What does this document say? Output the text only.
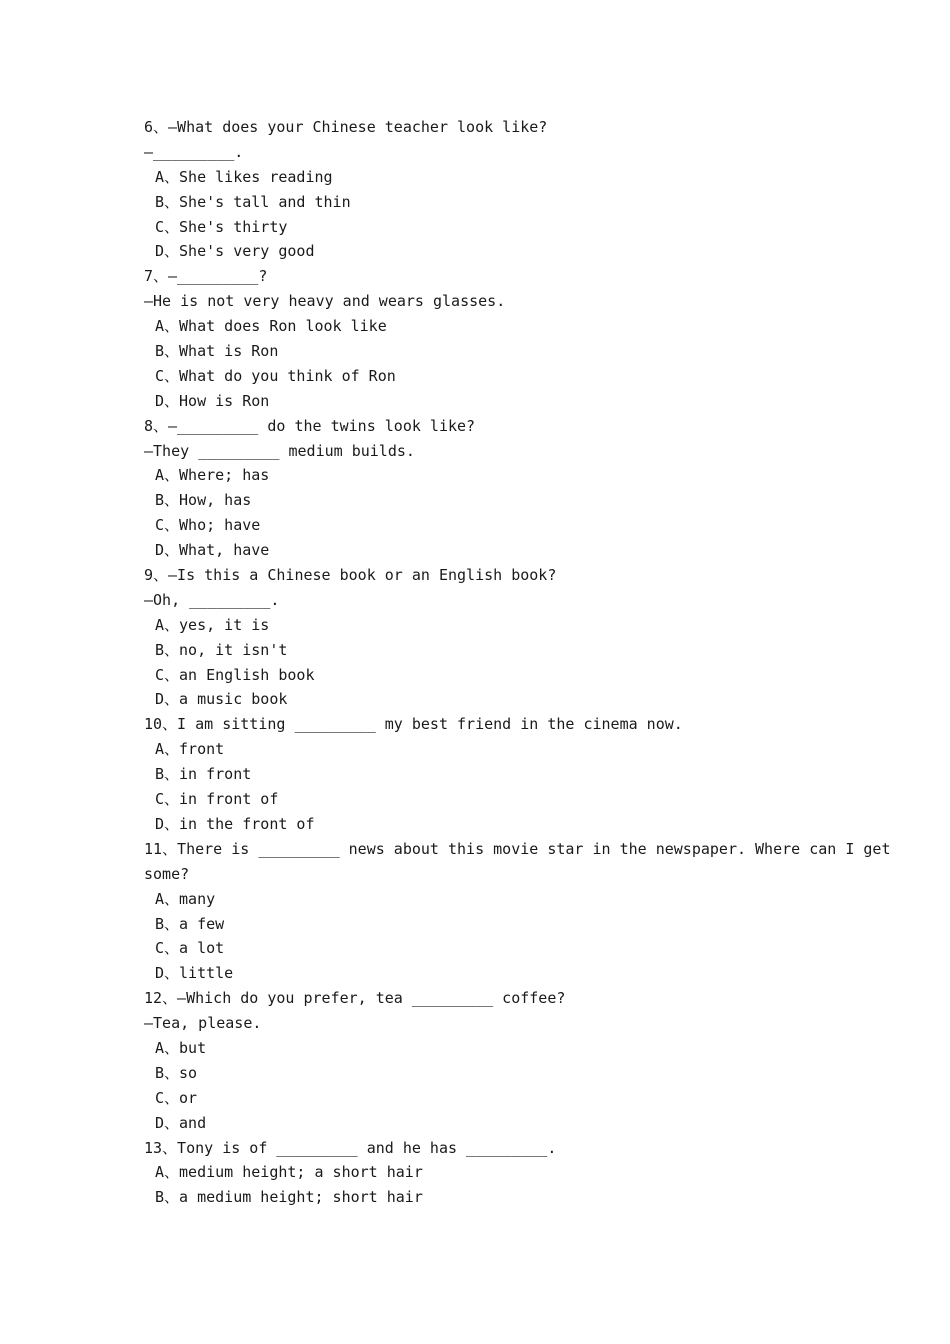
6、—What does your Chinese teacher look like?
—_________.
A、She likes reading
B、She's tall and thin
C、She's thirty
D、She's very good
7、—_________?
—He is not very heavy and wears glasses.
A、What does Ron look like
B、What is Ron
C、What do you think of Ron
D、How is Ron
8、—_________ do the twins look like?
—They _________ medium builds.
A、Where; has
B、How, has
C、Who; have
D、What, have
9、—Is this a Chinese book or an English book?
—Oh, _________.
A、yes, it is
B、no, it isn't
C、an English book
D、a music book
10、I am sitting _________ my best friend in the cinema now.
A、front
B、in front
C、in front of
D、in the front of
11、There is _________ news about this movie star in the newspaper. Where can I get
some?
A、many
B、a few
C、a lot
D、little
12、—Which do you prefer, tea _________ coffee?
—Tea, please.
A、but
B、so
C、or
D、and
13、Tony is of _________ and he has _________.
A、medium height; a short hair
B、a medium height; short hair
